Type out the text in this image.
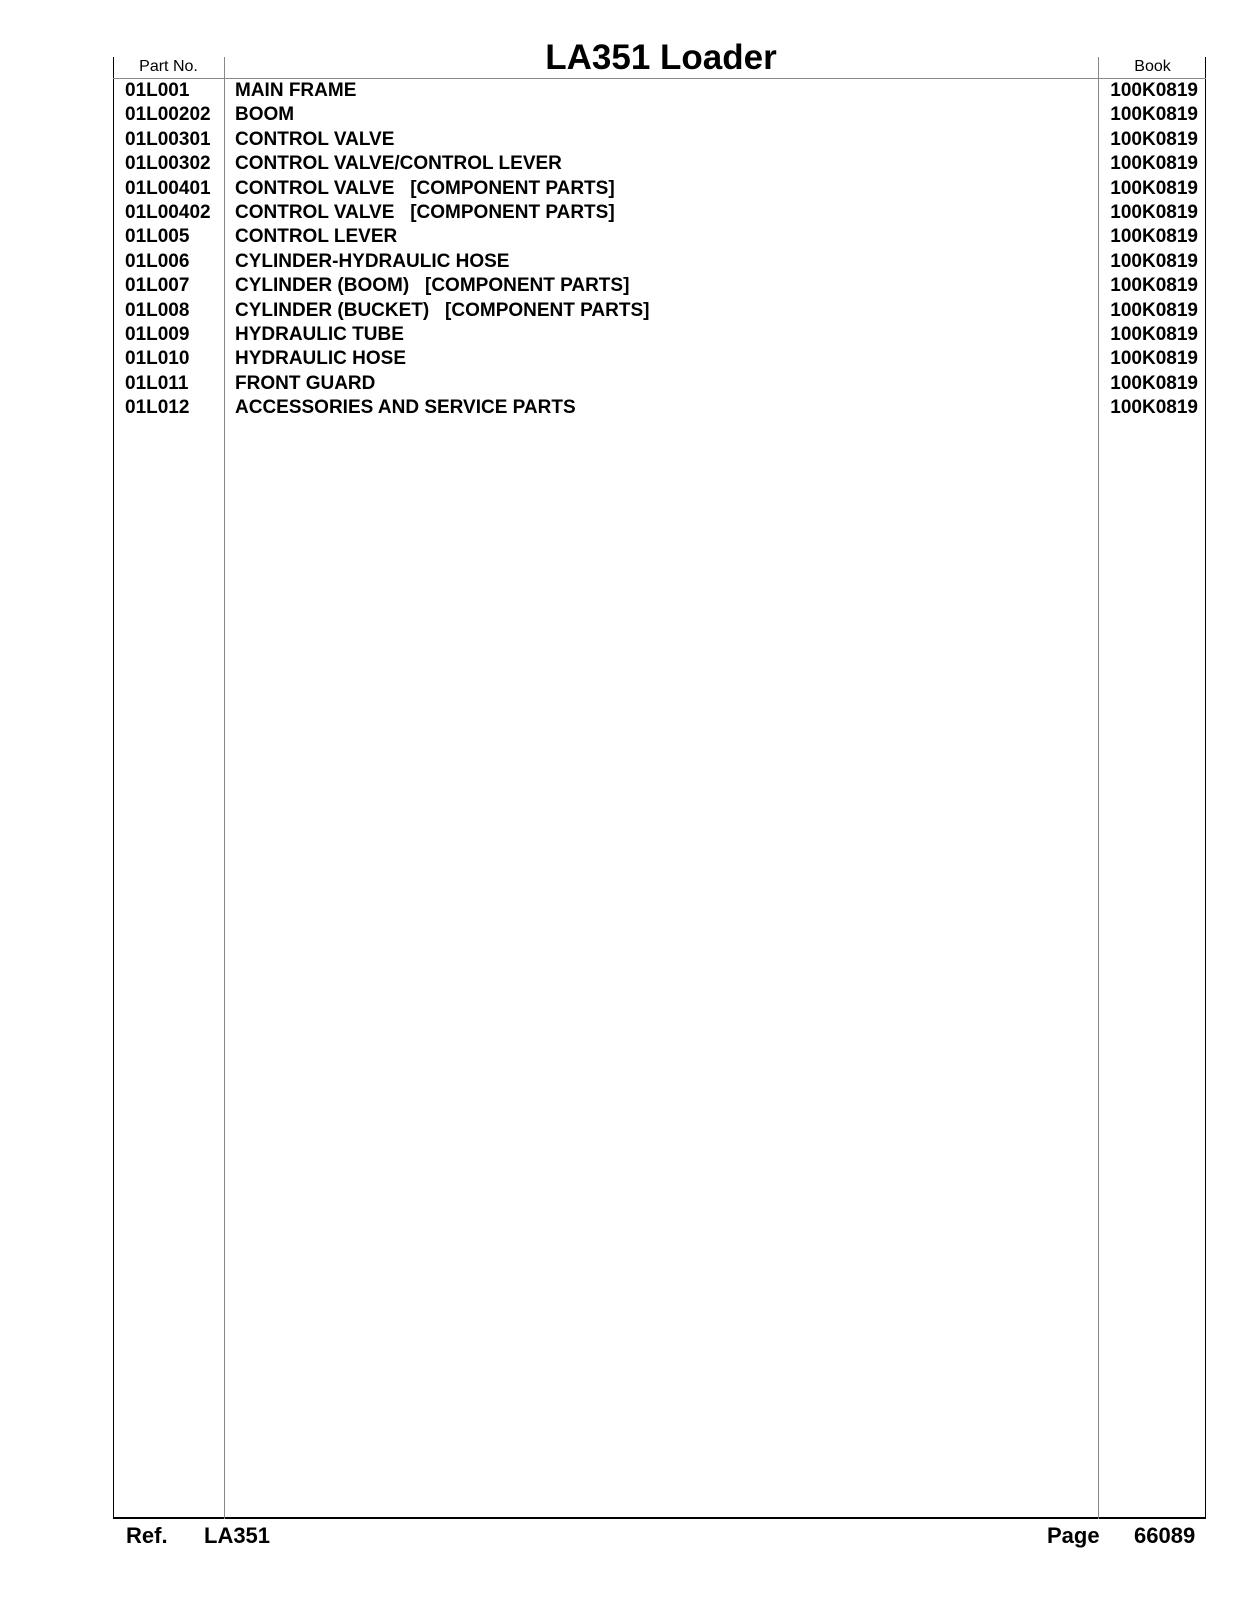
Part No.	LA351 Loader	Book
01L001 MAIN FRAME	100K0819
01L00202 BOOM	100K0819
01L00301 CONTROL VALVE	100K0819
01L00302 CONTROL VALVE/CONTROL LEVER	100K0819
01L00401 CONTROL VALVE   [COMPONENT PARTS]	100K0819
01L00402 CONTROL VALVE   [COMPONENT PARTS]	100K0819
01L005 CONTROL LEVER	100K0819
01L006 CYLINDER-HYDRAULIC HOSE	100K0819
01L007 CYLINDER (BOOM)   [COMPONENT PARTS]	100K0819
01L008 CYLINDER (BUCKET)   [COMPONENT PARTS]	100K0819
01L009 HYDRAULIC TUBE	100K0819
01L010 HYDRAULIC HOSE	100K0819
01L011 FRONT GUARD	100K0819
01L012 ACCESSORIES AND SERVICE PARTS	100K0819
Ref. LA351	Page 66089
